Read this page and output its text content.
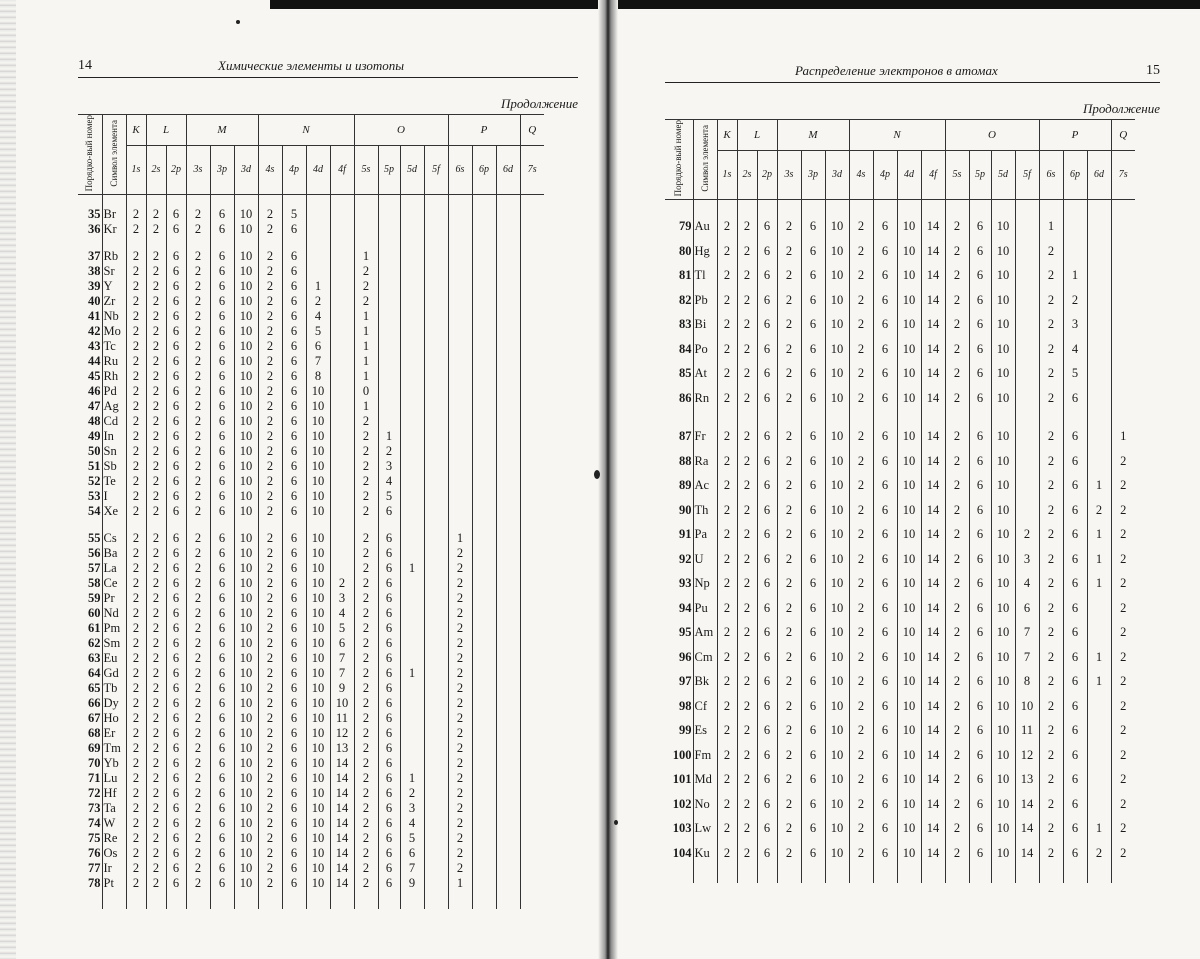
14	Химические элементы и изотопы
Продолжение
Порядко-вый номер	Символ элемента	K	L		M			N				O				P			Q
		1s	2s	2p	3s	3p	3d	4s	4p	4d	4f	5s	5p	5d	5f	6s	6p	6d	7s

35	Br	2	2	6	2	6	10	2	5										
36	Kr	2	2	6	2	6	10	2	6										

37	Rb	2	2	6	2	6	10	2	6			1							
38	Sr	2	2	6	2	6	10	2	6			2							
39	Y	2	2	6	2	6	10	2	6	1		2							
40	Zr	2	2	6	2	6	10	2	6	2		2							
41	Nb	2	2	6	2	6	10	2	6	4		1							
42	Mo	2	2	6	2	6	10	2	6	5		1							
43	Tc	2	2	6	2	6	10	2	6	6		1							
44	Ru	2	2	6	2	6	10	2	6	7		1							
45	Rh	2	2	6	2	6	10	2	6	8		1							
46	Pd	2	2	6	2	6	10	2	6	10		0							
47	Ag	2	2	6	2	6	10	2	6	10		1							
48	Cd	2	2	6	2	6	10	2	6	10		2							
49	In	2	2	6	2	6	10	2	6	10		2	1						
50	Sn	2	2	6	2	6	10	2	6	10		2	2						
51	Sb	2	2	6	2	6	10	2	6	10		2	3						
52	Te	2	2	6	2	6	10	2	6	10		2	4						
53	I	2	2	6	2	6	10	2	6	10		2	5						
54	Xe	2	2	6	2	6	10	2	6	10		2	6						

55	Cs	2	2	6	2	6	10	2	6	10		2	6			1			
56	Ba	2	2	6	2	6	10	2	6	10		2	6			2			
57	La	2	2	6	2	6	10	2	6	10		2	6	1		2			
58	Ce	2	2	6	2	6	10	2	6	10	2	2	6			2			
59	Pr	2	2	6	2	6	10	2	6	10	3	2	6			2			
60	Nd	2	2	6	2	6	10	2	6	10	4	2	6			2			
61	Pm	2	2	6	2	6	10	2	6	10	5	2	6			2			
62	Sm	2	2	6	2	6	10	2	6	10	6	2	6			2			
63	Eu	2	2	6	2	6	10	2	6	10	7	2	6			2			
64	Gd	2	2	6	2	6	10	2	6	10	7	2	6	1		2			
65	Tb	2	2	6	2	6	10	2	6	10	9	2	6			2			
66	Dy	2	2	6	2	6	10	2	6	10	10	2	6			2			
67	Ho	2	2	6	2	6	10	2	6	10	11	2	6			2			
68	Er	2	2	6	2	6	10	2	6	10	12	2	6			2			
69	Tm	2	2	6	2	6	10	2	6	10	13	2	6			2			
70	Yb	2	2	6	2	6	10	2	6	10	14	2	6			2			
71	Lu	2	2	6	2	6	10	2	6	10	14	2	6	1		2			
72	Hf	2	2	6	2	6	10	2	6	10	14	2	6	2		2			
73	Ta	2	2	6	2	6	10	2	6	10	14	2	6	3		2			
74	W	2	2	6	2	6	10	2	6	10	14	2	6	4		2			
75	Re	2	2	6	2	6	10	2	6	10	14	2	6	5		2			
76	Os	2	2	6	2	6	10	2	6	10	14	2	6	6		2			
77	Ir	2	2	6	2	6	10	2	6	10	14	2	6	7		2			
78	Pt	2	2	6	2	6	10	2	6	10	14	2	6	9		1			

Распределение электронов в атомах	15
Продолжение
Порядко-вый номер	Символ элемента	K	L		M			N				O				P			Q
		1s	2s	2p	3s	3p	3d	4s	4p	4d	4f	5s	5p	5d	5f	6s	6p	6d	7s

79	Au	2	2	6	2	6	10	2	6	10	14	2	6	10		1			
80	Hg	2	2	6	2	6	10	2	6	10	14	2	6	10		2			
81	Tl	2	2	6	2	6	10	2	6	10	14	2	6	10		2	1		
82	Pb	2	2	6	2	6	10	2	6	10	14	2	6	10		2	2		
83	Bi	2	2	6	2	6	10	2	6	10	14	2	6	10		2	3		
84	Po	2	2	6	2	6	10	2	6	10	14	2	6	10		2	4		
85	At	2	2	6	2	6	10	2	6	10	14	2	6	10		2	5		
86	Rn	2	2	6	2	6	10	2	6	10	14	2	6	10		2	6		

87	Fr	2	2	6	2	6	10	2	6	10	14	2	6	10		2	6		1
88	Ra	2	2	6	2	6	10	2	6	10	14	2	6	10		2	6		2
89	Ac	2	2	6	2	6	10	2	6	10	14	2	6	10		2	6	1	2
90	Th	2	2	6	2	6	10	2	6	10	14	2	6	10		2	6	2	2
91	Pa	2	2	6	2	6	10	2	6	10	14	2	6	10	2	2	6	1	2
92	U	2	2	6	2	6	10	2	6	10	14	2	6	10	3	2	6	1	2
93	Np	2	2	6	2	6	10	2	6	10	14	2	6	10	4	2	6	1	2
94	Pu	2	2	6	2	6	10	2	6	10	14	2	6	10	6	2	6		2
95	Am	2	2	6	2	6	10	2	6	10	14	2	6	10	7	2	6		2
96	Cm	2	2	6	2	6	10	2	6	10	14	2	6	10	7	2	6	1	2
97	Bk	2	2	6	2	6	10	2	6	10	14	2	6	10	8	2	6	1	2
98	Cf	2	2	6	2	6	10	2	6	10	14	2	6	10	10	2	6		2
99	Es	2	2	6	2	6	10	2	6	10	14	2	6	10	11	2	6		2
100	Fm	2	2	6	2	6	10	2	6	10	14	2	6	10	12	2	6		2
101	Md	2	2	6	2	6	10	2	6	10	14	2	6	10	13	2	6		2
102	No	2	2	6	2	6	10	2	6	10	14	2	6	10	14	2	6		2
103	Lw	2	2	6	2	6	10	2	6	10	14	2	6	10	14	2	6	1	2
104	Ku	2	2	6	2	6	10	2	6	10	14	2	6	10	14	2	6	2	2
